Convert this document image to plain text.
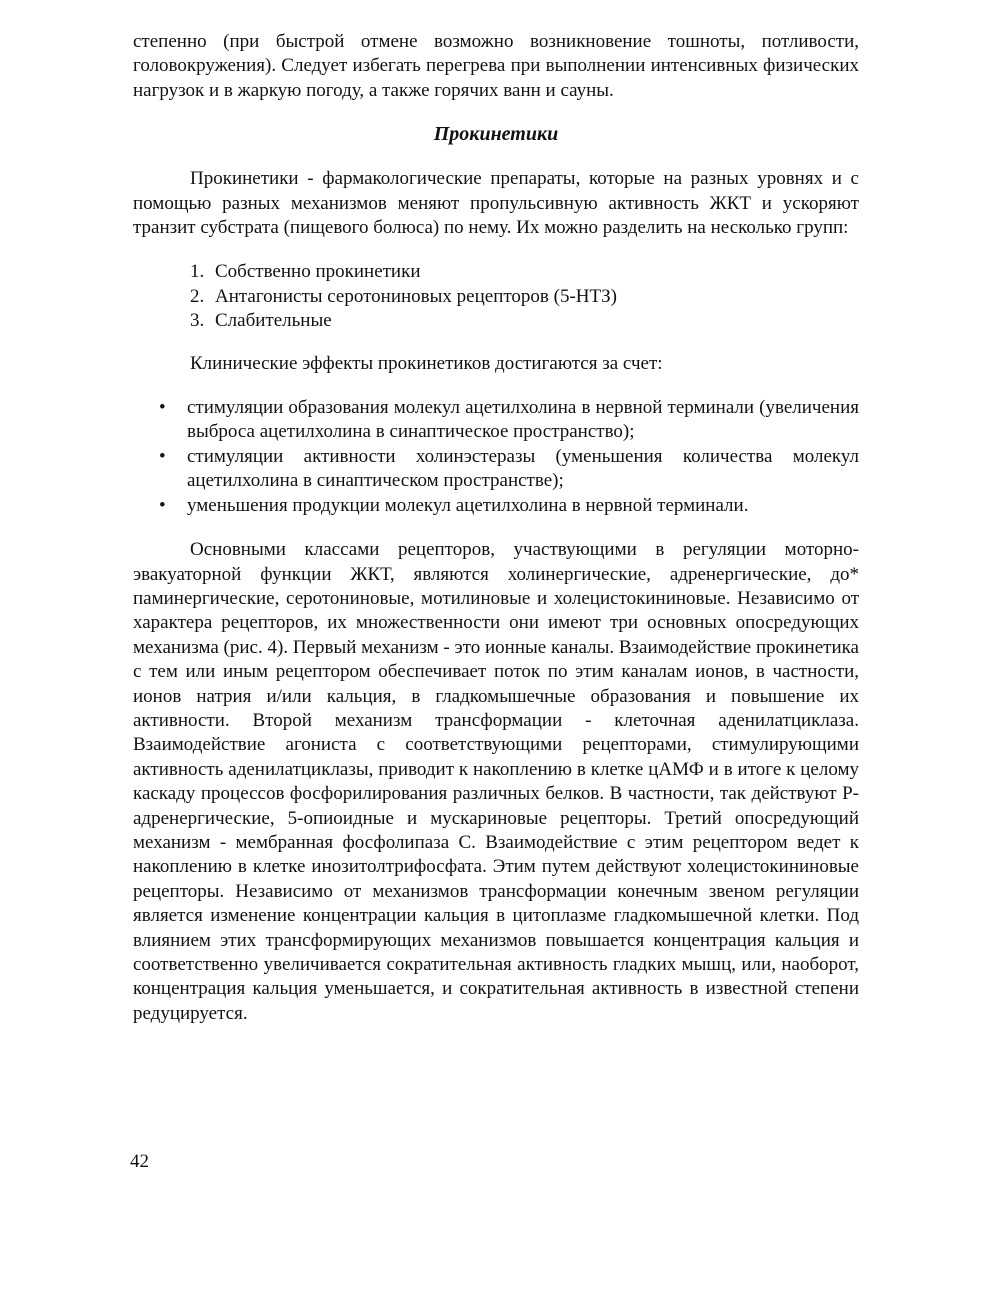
степенно (при быстрой отмене возможно возникновение тошноты, потливости, головокружения). Следует избегать перегрева при выполнении интенсивных физических нагрузок и в жаркую погоду, а также горячих ванн и сауны.

Прокинетики

Прокинетики - фармакологические препараты, которые на разных уровнях и с помощью разных механизмов меняют пропульсивную активность ЖКТ и ускоряют транзит субстрата (пищевого болюса) по нему. Их можно разделить на несколько групп:

1. Собственно прокинетики
2. Антагонисты серотониновых рецепторов (5-НТЗ)
3. Слабительные

Клинические эффекты прокинетиков достигаются за счет:

•	стимуляции образования молекул ацетилхолина в нервной терминали (увеличения выброса ацетилхолина в синаптическое пространство);
•	стимуляции активности холинэстеразы (уменьшения количества молекул ацетилхолина в синаптическом пространстве);
•	уменьшения продукции молекул ацетилхолина в нервной терминали.

Основными классами рецепторов, участвующими в регуляции моторно-эвакуаторной функции ЖКТ, являются холинергические, адренергические, до* паминергические, серотониновые, мотилиновые и холецистокининовые. Независимо от характера рецепторов, их множественности они имеют три основных опосредующих механизма (рис. 4). Первый механизм - это ионные каналы. Взаимодействие прокинетика с тем или иным рецептором обеспечивает поток по этим каналам ионов, в частности, ионов натрия и/или кальция, в гладкомышечные образования и повышение их активности. Второй механизм трансформации - клеточная аденилатциклаза. Взаимодействие агониста с соответствующими рецепторами, стимулирующими активность аденилатциклазы, приводит к накоплению в клетке цАМФ и в итоге к целому каскаду процессов фосфорилирования различных белков. В частности, так действуют Р-адренергические, 5-опиоидные и мускариновые рецепторы. Третий опосредующий механизм - мембранная фосфолипаза С. Взаимодействие с этим рецептором ведет к накоплению в клетке инозитолтрифосфата. Этим путем действуют холецистокининовые рецепторы. Независимо от механизмов трансформации конечным звеном регуляции является изменение концентрации кальция в цитоплазме гладкомышечной клетки. Под влиянием этих трансформирующих механизмов повышается концентрация кальция и соответственно увеличивается сократительная активность гладких мышц, или, наоборот, концентрация кальция уменьшается, и сократительная активность в известной степени редуцируется.

42
